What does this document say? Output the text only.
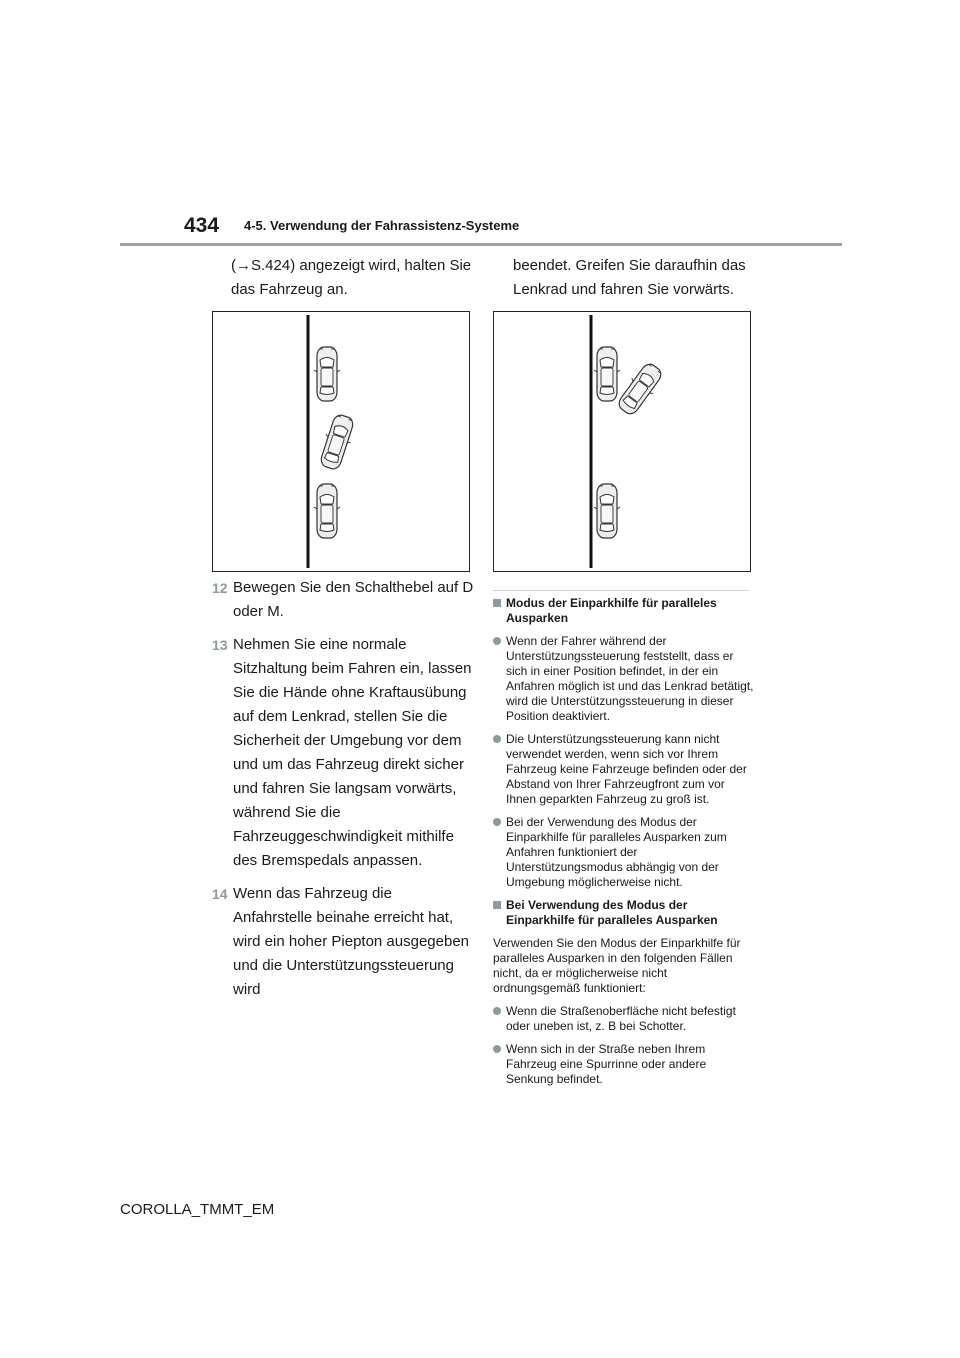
434 4-5. Verwendung der Fahrassistenz-Systeme

(→S.424) angezeigt wird, halten Sie

das Fahrzeug an.

beendet. Greifen Sie daraufhin das

Lenkrad und fahren Sie vorwärts.

12 Bewegen Sie den Schalthebel auf D oder M.
13 Nehmen Sie eine normale Sitzhaltung beim Fahren ein, lassen Sie die Hände ohne Kraftausübung auf dem Lenkrad, stellen Sie die Sicherheit der Umgebung vor dem und um das Fahrzeug direkt sicher und fahren Sie langsam vorwärts, während Sie die Fahrzeuggeschwindigkeit mithilfe des Bremspedals anpassen.
14 Wenn das Fahrzeug die Anfahrstelle beinahe erreicht hat, wird ein hoher Piepton ausgegeben und die Unterstützungssteuerung wird
Modus der Einparkhilfe für paralleles Ausparken
Wenn der Fahrer während der Unterstützungssteuerung feststellt, dass er sich in einer Position befindet, in der ein Anfahren möglich ist und das Lenkrad betätigt, wird die Unterstützungssteuerung in dieser Position deaktiviert.
Die Unterstützungssteuerung kann nicht verwendet werden, wenn sich vor Ihrem Fahrzeug keine Fahrzeuge befinden oder der Abstand von Ihrer Fahrzeugfront zum vor Ihnen geparkten Fahrzeug zu groß ist.
Bei der Verwendung des Modus der Einparkhilfe für paralleles Ausparken zum Anfahren funktioniert der Unterstützungsmodus abhängig von der Umgebung möglicherweise nicht.
Bei Verwendung des Modus der Einparkhilfe für paralleles Ausparken

Verwenden Sie den Modus der Einparkhilfe für paralleles Ausparken in den folgenden Fällen nicht, da er möglicherweise nicht ordnungsgemäß funktioniert:

Wenn die Straßenoberfläche nicht befestigt oder uneben ist, z. B bei Schotter.
Wenn sich in der Straße neben Ihrem Fahrzeug eine Spurrinne oder andere Senkung befindet.
COROLLA_TMMT_EM
